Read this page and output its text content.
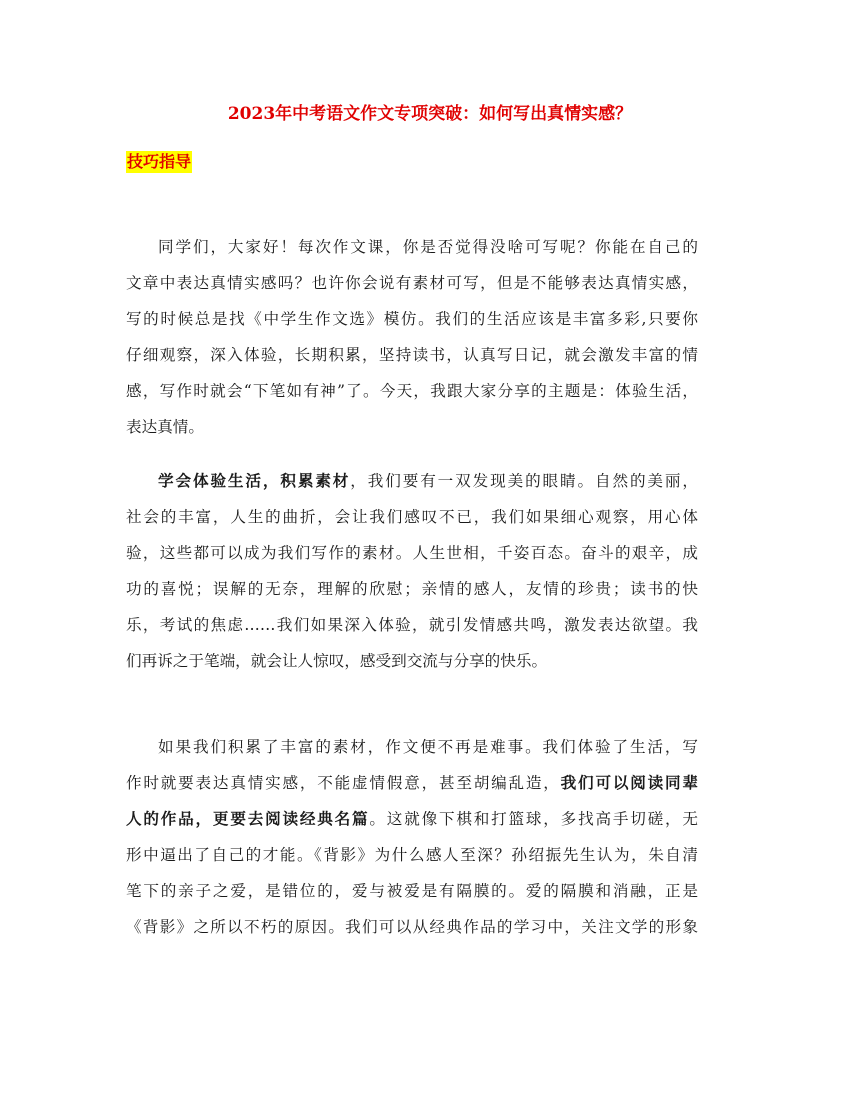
2023年中考语文作文专项突破：如何写出真情实感？
技巧指导
同学们，大家好！每次作文课，你是否觉得没啥可写呢？你能在自己的
文章中表达真情实感吗？也许你会说有素材可写，但是不能够表达真情实感，
写的时候总是找《中学生作文选》模仿。我们的生活应该是丰富多彩,只要你
仔细观察，深入体验，长期积累，坚持读书，认真写日记，就会激发丰富的情
感，写作时就会“下笔如有神”了。今天，我跟大家分享的主题是：体验生活，
表达真情。
学会体验生活，积累素材，我们要有一双发现美的眼睛。自然的美丽，
社会的丰富，人生的曲折，会让我们感叹不已，我们如果细心观察，用心体
验，这些都可以成为我们写作的素材。人生世相，千姿百态。奋斗的艰辛，成
功的喜悦；误解的无奈，理解的欣慰；亲情的感人，友情的珍贵；读书的快
乐，考试的焦虑……我们如果深入体验，就引发情感共鸣，激发表达欲望。我
们再诉之于笔端，就会让人惊叹，感受到交流与分享的快乐。
如果我们积累了丰富的素材，作文便不再是难事。我们体验了生活，写
作时就要表达真情实感，不能虚情假意，甚至胡编乱造，我们可以阅读同辈
人的作品，更要去阅读经典名篇。这就像下棋和打篮球，多找高手切磋，无
形中逼出了自己的才能。《背影》为什么感人至深？孙绍振先生认为，朱自清
笔下的亲子之爱，是错位的，爱与被爱是有隔膜的。爱的隔膜和消融，正是
《背影》之所以不朽的原因。我们可以从经典作品的学习中，关注文学的形象
